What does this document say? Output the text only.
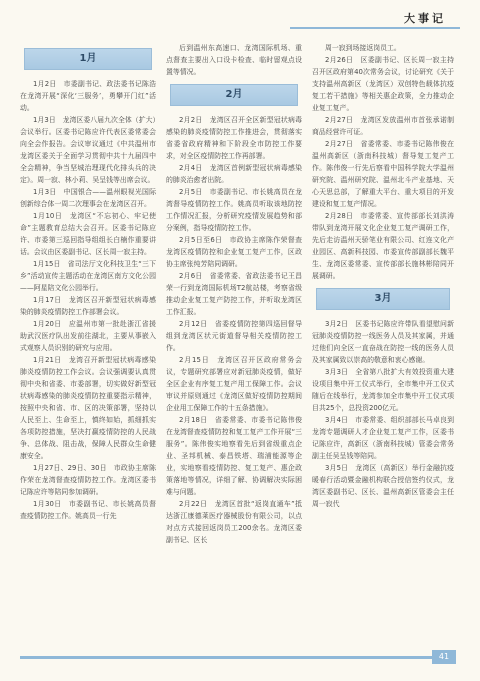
大事记
1月
1月2日　市委副书记、政法委书记陈浩在龙湾开展“深化‘三服务’，勇攀开门红”活动。
1月3日　龙湾区委八届九次全体（扩大）会议举行。区委书记陈应许代表区委常委会向全会作报告。会议审议通过《中共温州市龙湾区委关于全面学习贯彻中共十九届四中全会精神，争当坚城治理现代化排头兵的决定》。周一寂、林小莉、吴呈钱等出席会议。
1月3日　中国银合——温州眼视光国际创新综合体一周二次理事会在龙湾区召开。
1月10日　龙湾区“不忘初心、牢记使命”主题教育总结大会召开。区委书记陈应许、市委第三巡回指导组组长白楠作重要讲话。会议由区委副书记、区长周一寂主持。
1月15日　省司法厅文化科技卫生“三下乡”活动宣传主题活动在龙湾区南方文化公园——阿星陪文化公园举行。
1月17日　龙湾区召开新型冠状病毒感染的肺炎疫情防控工作部署会议。
1月20日　应温州市第一批赴浙江省援助武汉医疗队出发前往湖北，主要从事嵌入式观察人员识别的研究与应用。
1月21日　龙湾召开新型冠状病毒感染肺炎疫情防控工作会议。会议强调要认真贯彻中央和省委、市委部署，切实做好新型冠状病毒感染的肺炎疫情防控重要指示精神，按照中央和省、市、区的决策部署，坚持以人民至上、生命至上，慎终如始，抓细抓实各项防控措施，坚决打赢疫情防控的人民战争、总体战、阻击战，保障人民群众生命健康安全。
1月27日、29日、30日　市政协主席陈作荣在龙湾督查疫情防控工作。龙湾区委书记陈应许等陪同参加调研。
1月30日　市委副书记、市长姚高员督查疫情防控工作。姚高员一行先
后到温州东高速口、龙湾国际机场、重点督查主要出入口设卡检查、临时留观点设置等情况。
2月
2月2日　龙湾区召开全区新型冠状病毒感染的肺炎疫情防控工作推进会，贯彻落实省委省政府精神和下阶段全市防控工作要求，对全区疫情防控工作再部署。
2月4日　龙湾区首例新型冠状病毒感染的肺炎治愈者出院。
2月5日　市委副书记、市长姚高员在龙湾督导疫情防控工作。姚高员听取该地防控工作情况汇报，分析研究疫情发展趋势和部分案例，指导疫情防控工作。
2月5日至6日　市政协主席陈作荣督查龙湾区疫情防控和企业复工复产工作，区政协主席张纯芳陪同调研。
2月6日　省委常委、省政法委书记王昌荣一行到龙湾国际机场T2航站楼，考察省级推动企业复工复产防控工作，并听取龙湾区工作汇报。
2月12日　省委疫情防控第四巡回督导组到龙湾区状元街道督导相关疫情防控工作。
2月15日　龙湾区召开区政府常务会议，专题研究部署应对新冠肺炎疫情，做好全区企业有序复工复产用工保障工作。会议审议并原则通过《龙湾区做好疫情防控期间企业用工保障工作的十五条措施》。
2月18日　省委常委、市委书记陈伟俊在龙湾督查疫情防控和复工复产工作开展“三服务”。陈伟俊实地察看先后到省级重点企业、圣邦机械、泰昌铁塔、瑞浦能源等企业，实地察看疫情防控、复工复产、惠企政策落地等情况，详细了解、协调解决实际困难与问题。
2月22日　龙湾区首批“返岗直通车”抵达浙江康德莱医疗器械股份有限公司，以点对点方式接回返岗员工200余名。龙湾区委副书记、区长
周一寂到场接返岗员工。
2月26日　区委副书记、区长周一寂主持召开区政府第40次常务会议，讨论研究《关于支持温州高新区（龙湾区）双创特色载体抗疫复工若干措施》等相关惠企政策，全力推动企业复工复产。
2月27日　龙湾区发放温州市首张承诺制商品经营许可证。
2月27日　省委常委、市委书记陈伟俊在温州高新区（浙南科技城）督导复工复产工作。陈伟俊一行先后察看中国科学院大学温州研究院、温州研究院、温州北斗产业基地、天心天思总部，了解重大平台、重大项目的开发建设和复工复产情况。
2月28日　市委常委、宣传部部长刘洪涛带队到龙湾开展文化企业复工复产调研工作，先后走访温州天骄笔业有限公司、红连文化产业园区、高新科技园、市委宣传部副部长魏平生、龙湾区委常委、宣传部部长施林彬陪同开展调研。
3月
3月2日　区委书记陈应许带队看望慰问新冠肺炎疫情防控一线医务人员及其家属，并通过他们向全区一直奋战在防控一线的医务人员及其家属致以崇高的敬意和衷心感谢。
3月3日　全省第八批扩大有效投资重大建设项目集中开工仪式举行，全市集中开工仪式随后在线举行，龙湾参加全市集中开工仪式项目共25个，总投资200亿元。
3月4日　市委常委、组织部部长马卓良到龙湾专题调研人才企业复工复产工作，区委书记陈应许，高新区（浙南科技城）管委会常务副主任吴呈钱等陪同。
3月5日　龙湾区（高新区）举行金融抗疫暖春行活动暨金融机构联合授信签约仪式，龙湾区委副书记、区长、温州高新区管委会主任周一寂代
41
